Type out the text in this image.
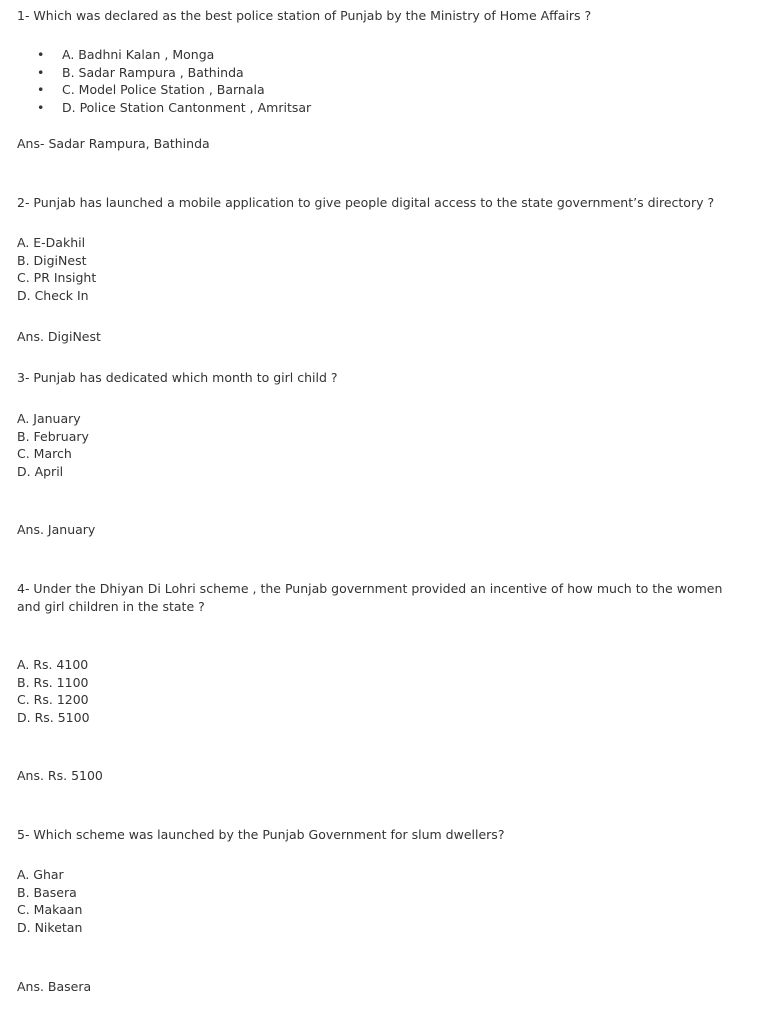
1- Which was declared as the best police station of Punjab by the Ministry of Home Affairs ?
• A. Badhni Kalan , Monga
• B. Sadar Rampura , Bathinda
• C. Model Police Station , Barnala
• D. Police Station Cantonment , Amritsar
Ans- Sadar Rampura, Bathinda
2- Punjab has launched a mobile application to give people digital access to the state government’s directory ?
A. E-Dakhil
B. DigiNest
C. PR Insight
D. Check In
Ans. DigiNest
3- Punjab has dedicated which month to girl child ?
A. January
B. February
C. March
D. April
Ans. January
4- Under the Dhiyan Di Lohri scheme , the Punjab government provided an incentive of how much to the women and girl children in the state ?
A. Rs. 4100
B. Rs. 1100
C. Rs. 1200
D. Rs. 5100
Ans. Rs. 5100
5- Which scheme was launched by the Punjab Government for slum dwellers?
A. Ghar
B. Basera
C. Makaan
D. Niketan
Ans. Basera
